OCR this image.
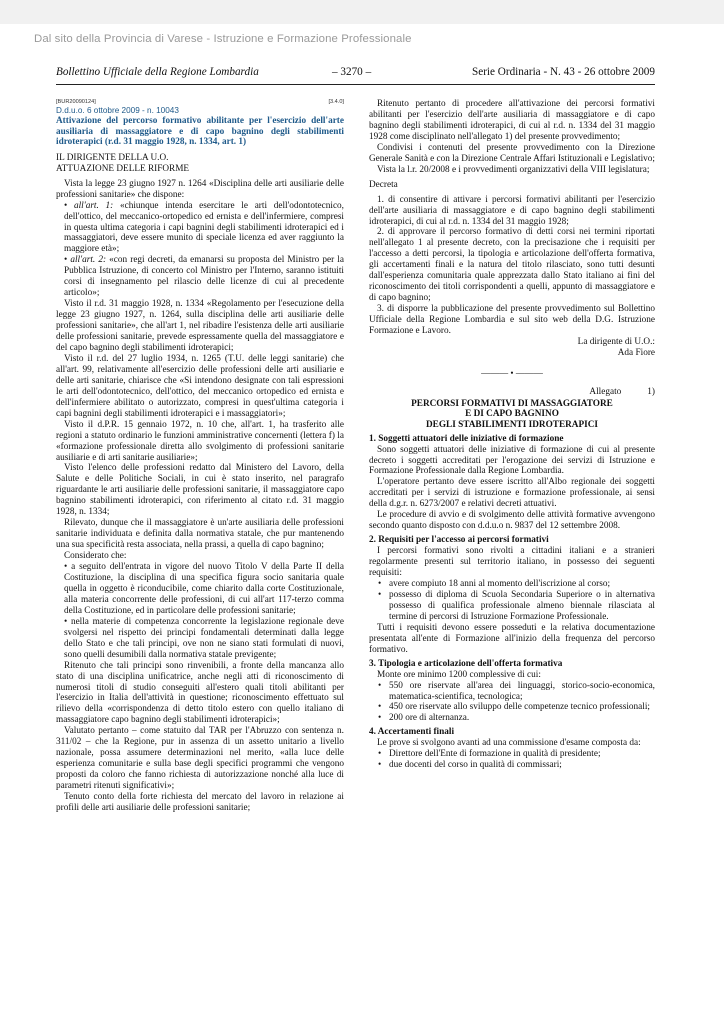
Dal sito della Provincia di Varese - Istruzione e Formazione Professionale
Bollettino Ufficiale della Regione Lombardia	– 3270 –	Serie Ordinaria - N. 43 - 26 ottobre 2009
[BUR20090124]	[3.4.0]
D.d.u.o. 6 ottobre 2009 - n. 10043
Attivazione del percorso formativo abilitante per l'esercizio dell'arte ausiliaria di massaggiatore e di capo bagnino degli stabilimenti idroterapici (r.d. 31 maggio 1928, n. 1334, art. 1)

IL DIRIGENTE DELLA U.O.

ATTUAZIONE DELLE RIFORME

Vista la legge 23 giugno 1927 n. 1264 «Disciplina delle arti ausiliarie delle professioni sanitarie» che dispone:

• all'art. 1: «chiunque intenda esercitare le arti dell'odontotecnico, dell'ottico, del meccanico-ortopedico ed ernista e dell'infermiere, compresi in questa ultima categoria i capi bagnini degli stabilimenti idroterapici ed i massaggiatori, deve essere munito di speciale licenza ed aver raggiunto la maggiore età»;

• all'art. 2: «con regi decreti, da emanarsi su proposta del Ministro per la Pubblica Istruzione, di concerto col Ministro per l'Interno, saranno istituiti corsi di insegnamento pel rilascio delle licenze di cui al precedente articolo»;

Visto il r.d. 31 maggio 1928, n. 1334 «Regolamento per l'esecuzione della legge 23 giugno 1927, n. 1264, sulla disciplina delle arti ausiliarie delle professioni sanitarie», che all'art 1, nel ribadire l'esistenza delle arti ausiliarie delle professioni sanitarie, prevede espressamente quella del massaggiatore e del capo bagnino degli stabilimenti idroterapici;

Visto il r.d. del 27 luglio 1934, n. 1265 (T.U. delle leggi sanitarie) che all'art. 99, relativamente all'esercizio delle professioni delle arti ausiliarie e delle arti sanitarie, chiarisce che «Si intendono designate con tali espressioni le arti dell'odontotecnico, dell'ottico, del meccanico ortopedico ed ernista e dell'infermiere abilitato o autorizzato, compresi in quest'ultima categoria i capi bagnini degli stabilimenti idroterapici e i massaggiatori»;

Visto il d.P.R. 15 gennaio 1972, n. 10 che, all'art. 1, ha trasferito alle regioni a statuto ordinario le funzioni amministrative concernenti (lettera f) la «formazione professionale diretta allo svolgimento di professioni sanitarie ausiliarie e di arti sanitarie ausiliarie»;

Visto l'elenco delle professioni redatto dal Ministero del Lavoro, della Salute e delle Politiche Sociali, in cui è stato inserito, nel paragrafo riguardante le arti ausiliarie delle professioni sanitarie, il massaggiatore capo bagnino stabilimenti idroterapici, con riferimento al citato r.d. 31 maggio 1928, n. 1334;

Rilevato, dunque che il massaggiatore è un'arte ausiliaria delle professioni sanitarie individuata e definita dalla normativa statale, che pur mantenendo una sua specificità resta associata, nella prassi, a quella di capo bagnino;

Considerato che:

• a seguito dell'entrata in vigore del nuovo Titolo V della Parte II della Costituzione, la disciplina di una specifica figura socio sanitaria quale quella in oggetto è riconducibile, come chiarito dalla corte Costituzionale, alla materia concorrente delle professioni, di cui all'art 117-terzo comma della Costituzione, ed in particolare delle professioni sanitarie;

• nella materie di competenza concorrente la legislazione regionale deve svolgersi nel rispetto dei principi fondamentali determinati dalla legge dello Stato e che tali principi, ove non ne siano stati formulati di nuovi, sono quelli desumibili dalla normativa statale previgente;

Ritenuto che tali principi sono rinvenibili, a fronte della mancanza allo stato di una disciplina unificatrice, anche negli atti di riconoscimento di numerosi titoli di studio conseguiti all'estero quali titoli abilitanti per l'esercizio in Italia dell'attività in questione; riconoscimento effettuato sul rilievo della «corrispondenza di detto titolo estero con quello italiano di massaggiatore capo bagnino degli stabilimenti idroterapici»;

Valutato pertanto – come statuito dal TAR per l'Abruzzo con sentenza n. 311/02 – che la Regione, pur in assenza di un assetto unitario a livello nazionale, possa assumere determinazioni nel merito, «alla luce delle esperienza comunitarie e sulla base degli specifici programmi che vengono proposti da coloro che fanno richiesta di autorizzazione nonché alla luce di parametri ritenuti significativi»;

Tenuto conto della forte richiesta del mercato del lavoro in relazione ai profili delle arti ausiliarie delle professioni sanitarie;

Ritenuto pertanto di procedere all'attivazione dei percorsi formativi abilitanti per l'esercizio dell'arte ausiliaria di massaggiatore e di capo bagnino degli stabilimenti idroterapici, di cui al r.d. n. 1334 del 31 maggio 1928 come disciplinato nell'allegato 1) del presente provvedimento;

Condivisi i contenuti del presente provvedimento con la Direzione Generale Sanità e con la Direzione Centrale Affari Istituzionali e Legislativo;

Vista la l.r. 20/2008 e i provvedimenti organizzativi della VIII legislatura;

Decreta

1. di consentire di attivare i percorsi formativi abilitanti per l'esercizio dell'arte ausiliaria di massaggiatore e di capo bagnino degli stabilimenti idroterapici, di cui al r.d. n. 1334 del 31 maggio 1928;

2. di approvare il percorso formativo di detti corsi nei termini riportati nell'allegato 1 al presente decreto, con la precisazione che i requisiti per l'accesso a detti percorsi, la tipologia e articolazione dell'offerta formativa, gli accertamenti finali e la natura del titolo rilasciato, sono tutti desunti dall'esperienza comunitaria quale apprezzata dallo Stato italiano ai fini del riconoscimento dei titoli corrispondenti a quelli, appunto di massaggiatore e di capo bagnino;

3. di disporre la pubblicazione del presente provvedimento sul Bollettino Ufficiale della Regione Lombardia e sul sito web della D.G. Istruzione Formazione e Lavoro.

La dirigente di U.O.:

Ada Fiore

——— • ———
Allegato	1)
PERCORSI FORMATIVI DI MASSAGGIATORE
E DI CAPO BAGNINO
DEGLI STABILIMENTI IDROTERAPICI

1. Soggetti attuatori delle iniziative di formazione

Sono soggetti attuatori delle iniziative di formazione di cui al presente decreto i soggetti accreditati per l'erogazione dei servizi di Istruzione e Formazione Professionale dalla Regione Lombardia.

L'operatore pertanto deve essere iscritto all'Albo regionale dei soggetti accreditati per i servizi di istruzione e formazione professionale, ai sensi della d.g.r. n. 6273/2007 e relativi decreti attuativi.

Le procedure di avvio e di svolgimento delle attività formative avvengono secondo quanto disposto con d.d.u.o n. 9837 del 12 settembre 2008.

2. Requisiti per l'accesso ai percorsi formativi

I percorsi formativi sono rivolti a cittadini italiani e a stranieri regolarmente presenti sul territorio italiano, in possesso dei seguenti requisiti:

• avere compiuto 18 anni al momento dell'iscrizione al corso;
• possesso di diploma di Scuola Secondaria Superiore o in alternativa possesso di qualifica professionale almeno biennale rilasciata al termine di percorsi di Istruzione Formazione Professionale.

Tutti i requisiti devono essere posseduti e la relativa documentazione presentata all'ente di Formazione all'inizio della frequenza del percorso formativo.

3. Tipologia e articolazione dell'offerta formativa

Monte ore minimo 1200 complessive di cui:

• 550 ore riservate all'area dei linguaggi, storico-socio-economica, matematica-scientifica, tecnologica;
• 450 ore riservate allo sviluppo delle competenze tecnico professionali;
• 200 ore di alternanza.

4. Accertamenti finali

Le prove si svolgono avanti ad una commissione d'esame composta da:

• Direttore dell'Ente di formazione in qualità di presidente;
• due docenti del corso in qualità di commissari;
